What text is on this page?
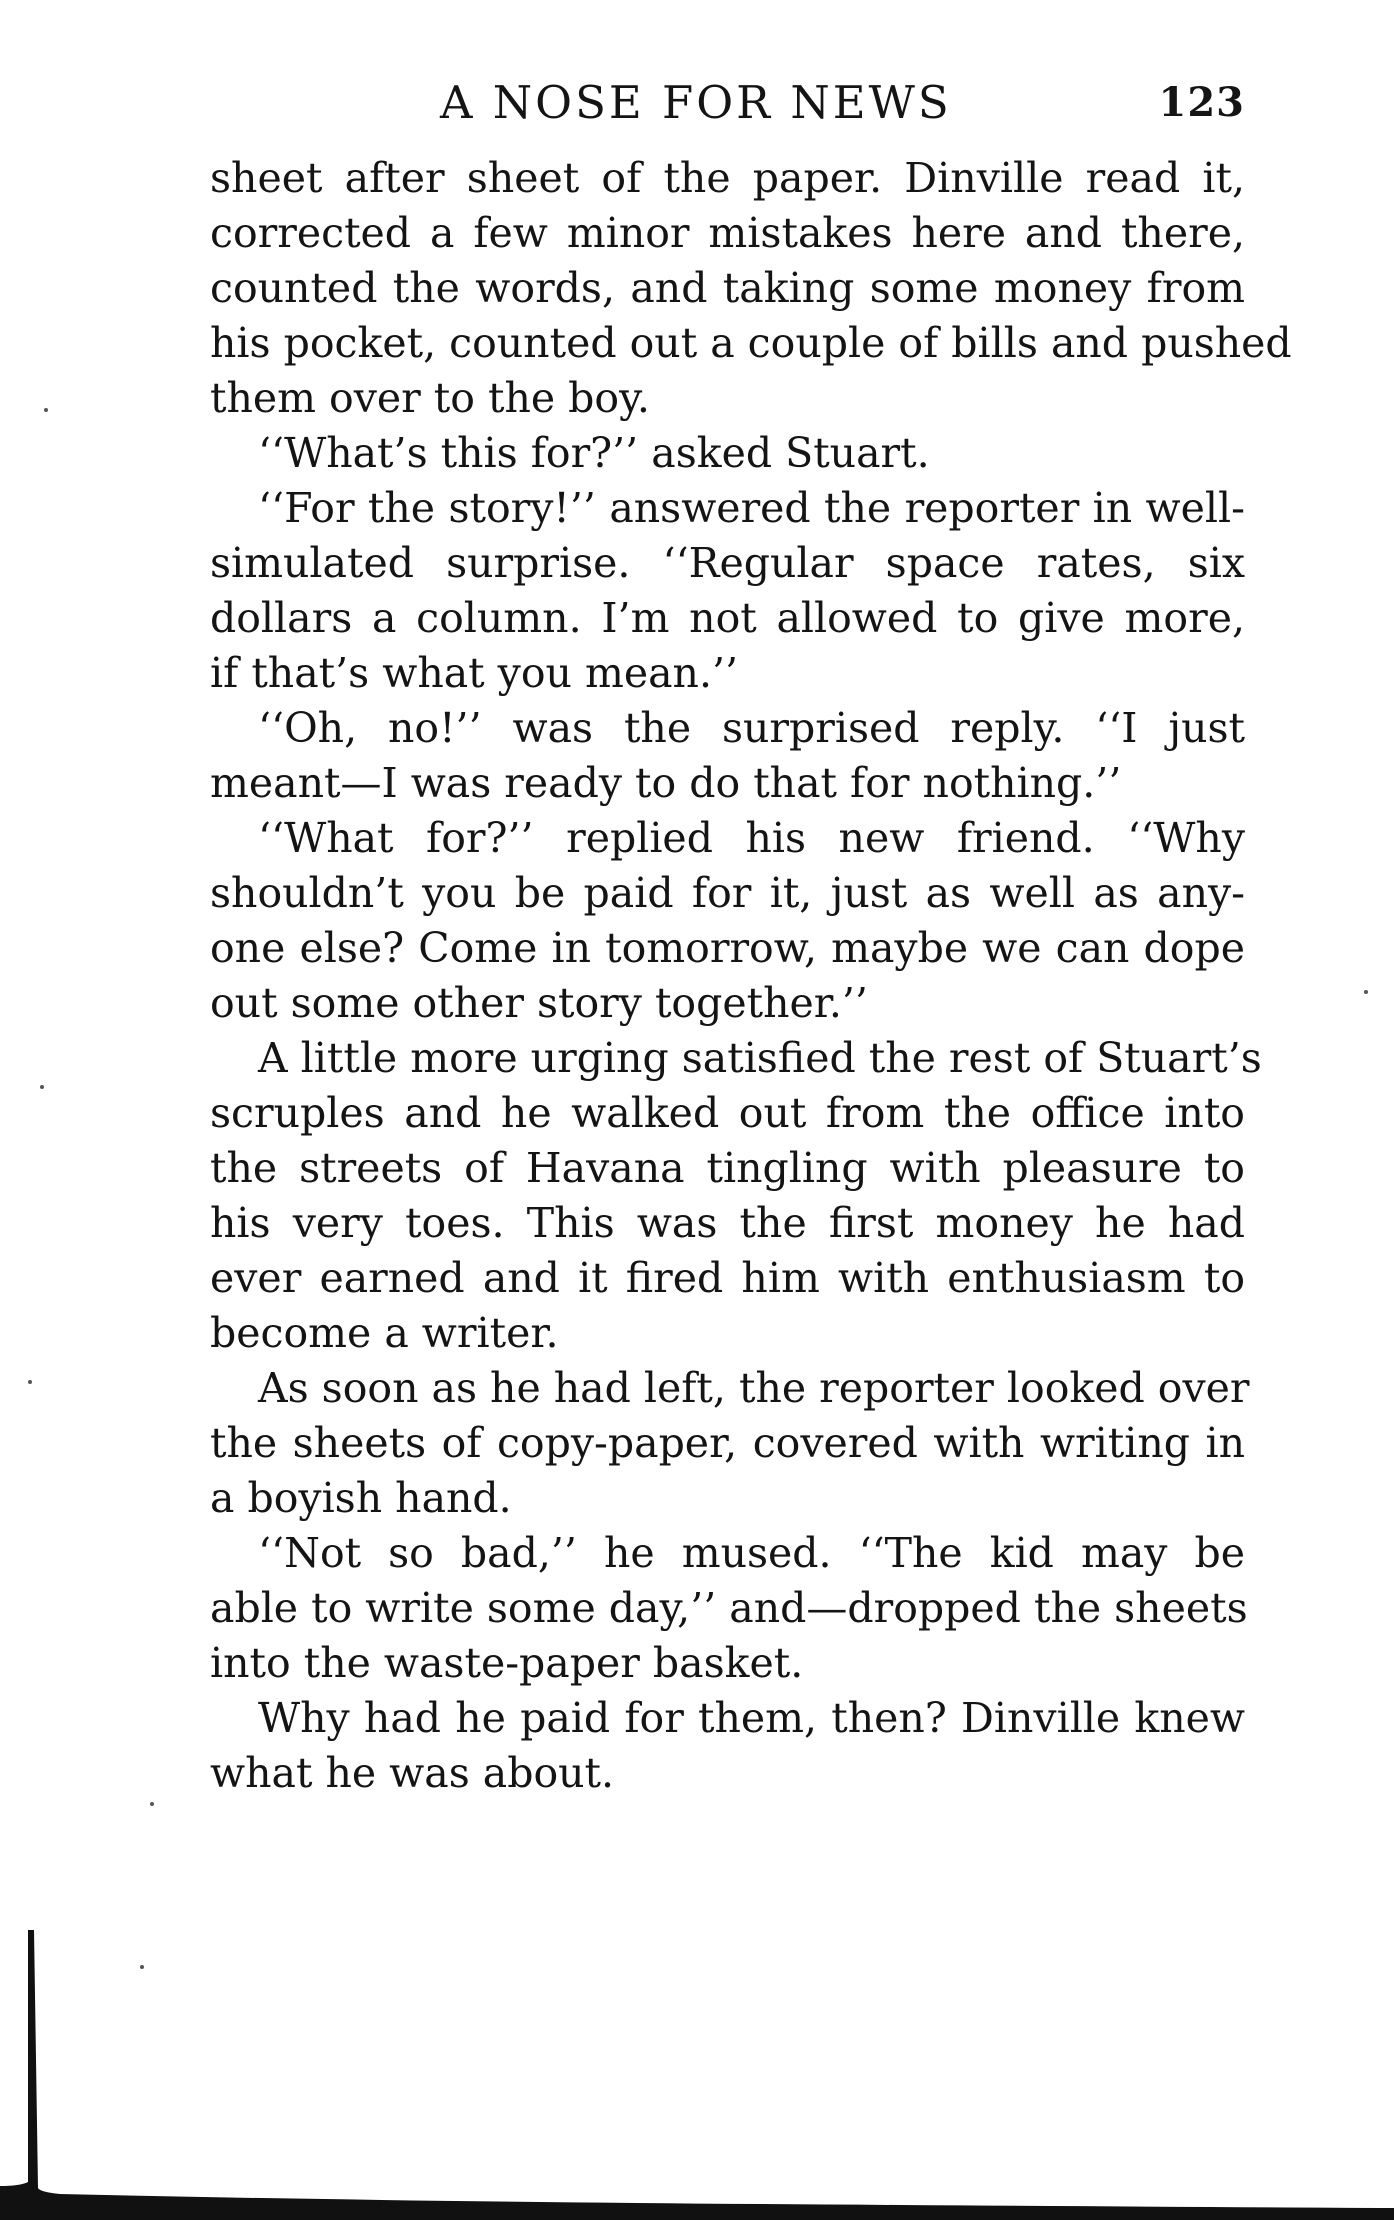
A NOSE FOR NEWS	123
sheet after sheet of the paper. Dinville read it,
corrected a few minor mistakes here and there,
counted the words, and taking some money from
his pocket, counted out a couple of bills and pushed
them over to the boy.
‘‘What’s this for?’’ asked Stuart.
‘‘For the story!’’ answered the reporter in well-
simulated surprise. ‘‘Regular space rates, six
dollars a column. I’m not allowed to give more,
if that’s what you mean.’’
‘‘Oh, no!’’ was the surprised reply. ‘‘I just
meant—I was ready to do that for nothing.’’
‘‘What for?’’ replied his new friend. ‘‘Why
shouldn’t you be paid for it, just as well as any-
one else? Come in tomorrow, maybe we can dope
out some other story together.’’
A little more urging satisfied the rest of Stuart’s
scruples and he walked out from the office into
the streets of Havana tingling with pleasure to
his very toes. This was the first money he had
ever earned and it fired him with enthusiasm to
become a writer.
As soon as he had left, the reporter looked over
the sheets of copy-paper, covered with writing in
a boyish hand.
‘‘Not so bad,’’ he mused. ‘‘The kid may be
able to write some day,’’ and—dropped the sheets
into the waste-paper basket.
Why had he paid for them, then? Dinville knew
what he was about.
